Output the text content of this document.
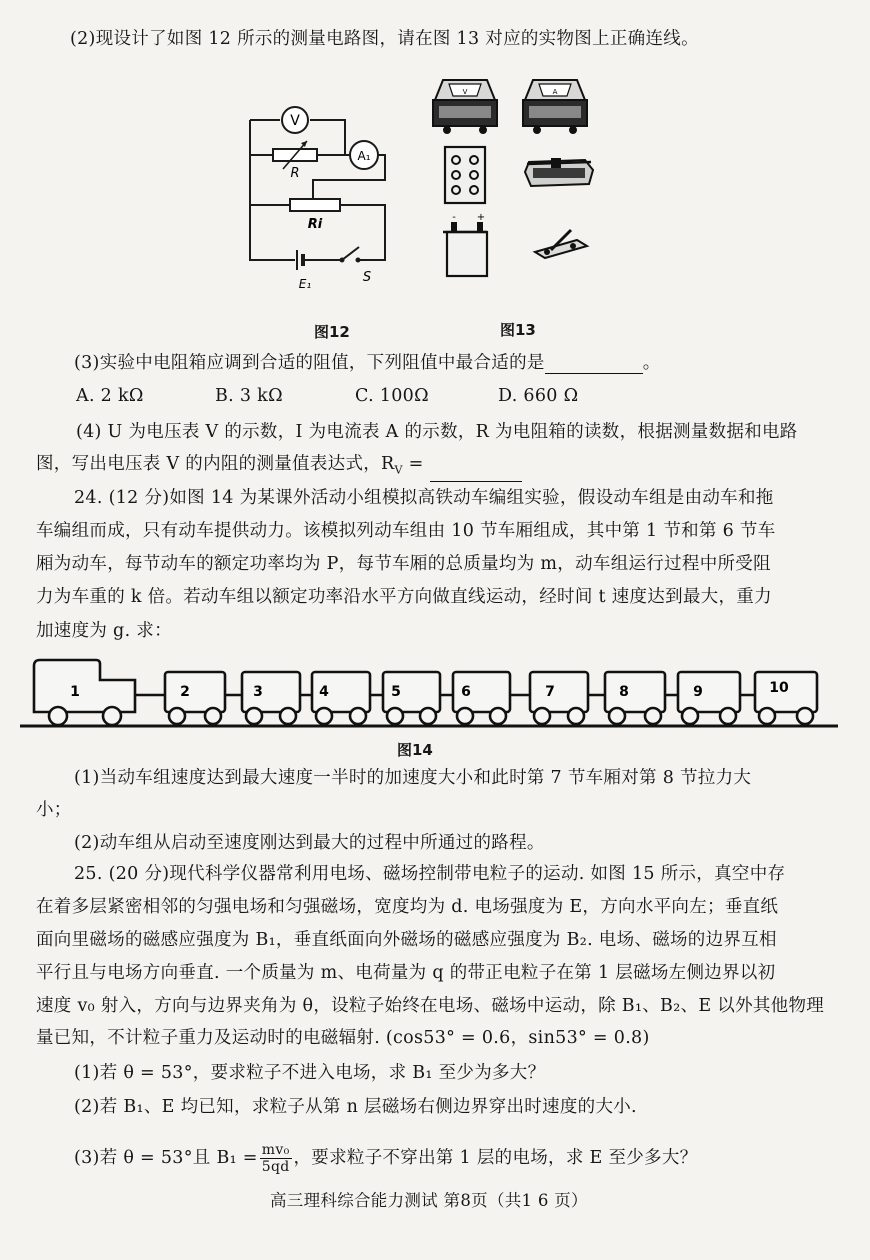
(2)现设计了如图 12 所示的测量电路图，请在图 13 对应的实物图上正确连线。
V
R
A₁
Ri
E₁	S
V	A
- +
图12	图13
(3)实验中电阻箱应调到合适的阻值，下列阻值中最合适的是	。
A. 2 kΩ	B. 3 kΩ	C. 100Ω	D. 660 Ω
(4) U 为电压表 V 的示数，I 为电流表 A 的示数，R 为电阻箱的读数，根据测量数据和电路
图，写出电压表 V 的内阻的测量值表达式，$R_V$ =
24. (12 分)如图 14 为某课外活动小组模拟高铁动车编组实验，假设动车组是由动车和拖
车编组而成，只有动车提供动力。该模拟列动车组由 10 节车厢组成，其中第 1 节和第 6 节车
厢为动车，每节动车的额定功率均为 P，每节车厢的总质量均为 m，动车组运行过程中所受阻
力为车重的 k 倍。若动车组以额定功率沿水平方向做直线运动，经时间 t 速度达到最大，重力
加速度为 g. 求：
1	2	3	4	5	6	7	8	9	10
图14
(1)当动车组速度达到最大速度一半时的加速度大小和此时第 7 节车厢对第 8 节拉力大
小；
(2)动车组从启动至速度刚达到最大的过程中所通过的路程。
25. (20 分)现代科学仪器常利用电场、磁场控制带电粒子的运动. 如图 15 所示，真空中存
在着多层紧密相邻的匀强电场和匀强磁场，宽度均为 d. 电场强度为 E，方向水平向左；垂直纸
面向里磁场的磁感应强度为 B₁，垂直纸面向外磁场的磁感应强度为 B₂. 电场、磁场的边界互相
平行且与电场方向垂直. 一个质量为 m、电荷量为 q 的带正电粒子在第 1 层磁场左侧边界以初
速度 v₀ 射入，方向与边界夹角为 θ，设粒子始终在电场、磁场中运动，除 B₁、B₂、E 以外其他物理
量已知，不计粒子重力及运动时的电磁辐射. (cos53° = 0.6，sin53° = 0.8)
(1)若 θ = 53°，要求粒子不进入电场，求 B₁ 至少为多大？
(2)若 B₁、E 均已知，求粒子从第 n 层磁场右侧边界穿出时速度的大小.
(3)若 θ = 53°且 $B_1 = \frac{\text{mv₀}}{5qd}$ ，要求粒子不穿出第 1 层的电场，求 E 至少多大？
高三理科综合能力测试 第8页（共1 6 页）
